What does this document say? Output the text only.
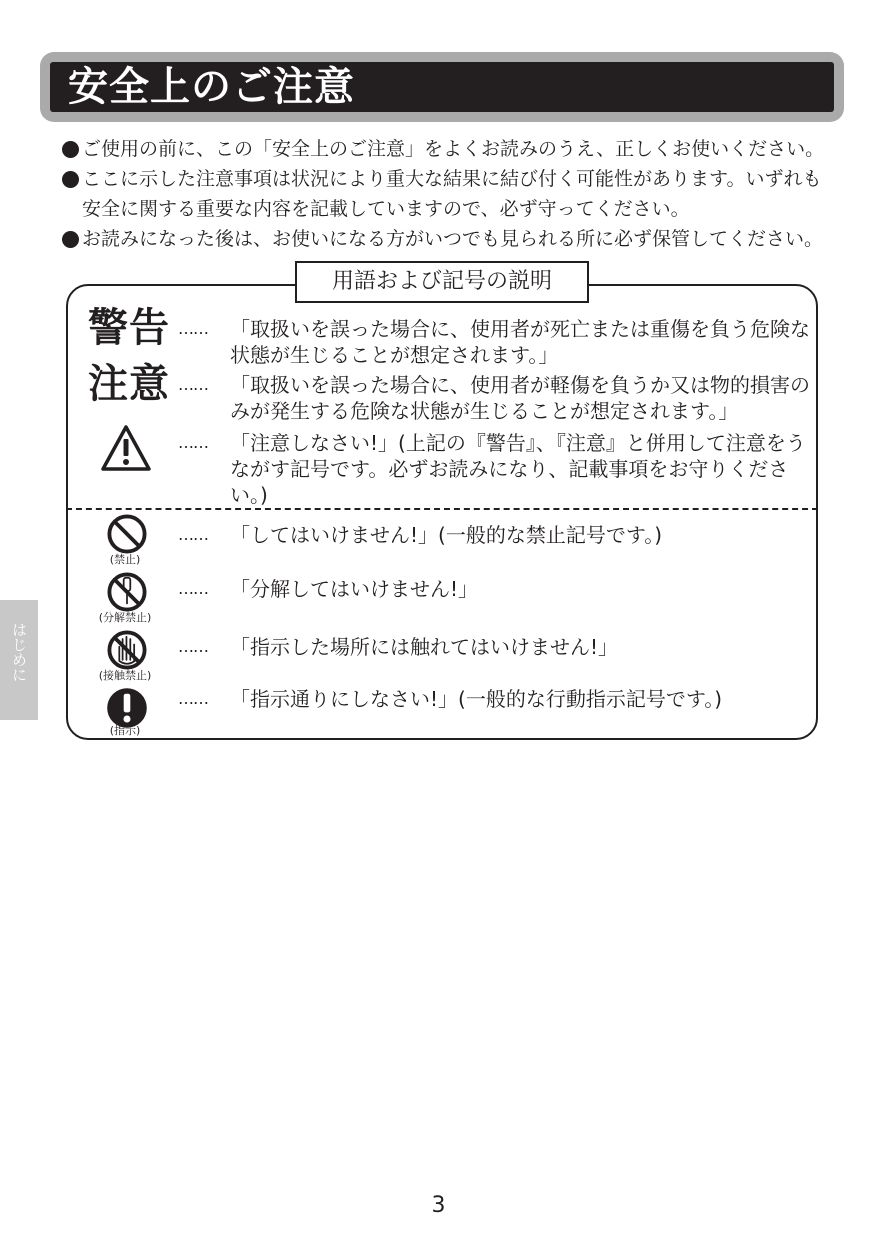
安全上のご注意
ご使用の前に、この「安全上のご注意」をよくお読みのうえ、正しくお使いください。
ここに示した注意事項は状況により重大な結果に結び付く可能性があります。いずれも安全に関する重要な内容を記載していますので、必ず守ってください。
お読みになった後は、お使いになる方がいつでも見られる所に必ず保管してください。
用語および記号の説明
警告 …… 「取扱いを誤った場合に、使用者が死亡または重傷を負う危険な状態が生じることが想定されます。」
注意 …… 「取扱いを誤った場合に、使用者が軽傷を負うか又は物的損害のみが発生する危険な状態が生じることが想定されます。」
…… 「注意しなさい!」(上記の『警告』、『注意』と併用して注意をうながす記号です。必ずお読みになり、記載事項をお守りください。)
(禁止)
…… 「してはいけません!」(一般的な禁止記号です。)
(分解禁止)
…… 「分解してはいけません!」
(接触禁止)
…… 「指示した場所には触れてはいけません!」
(指示)
…… 「指示通りにしなさい!」(一般的な行動指示記号です。)
はじめに
3
